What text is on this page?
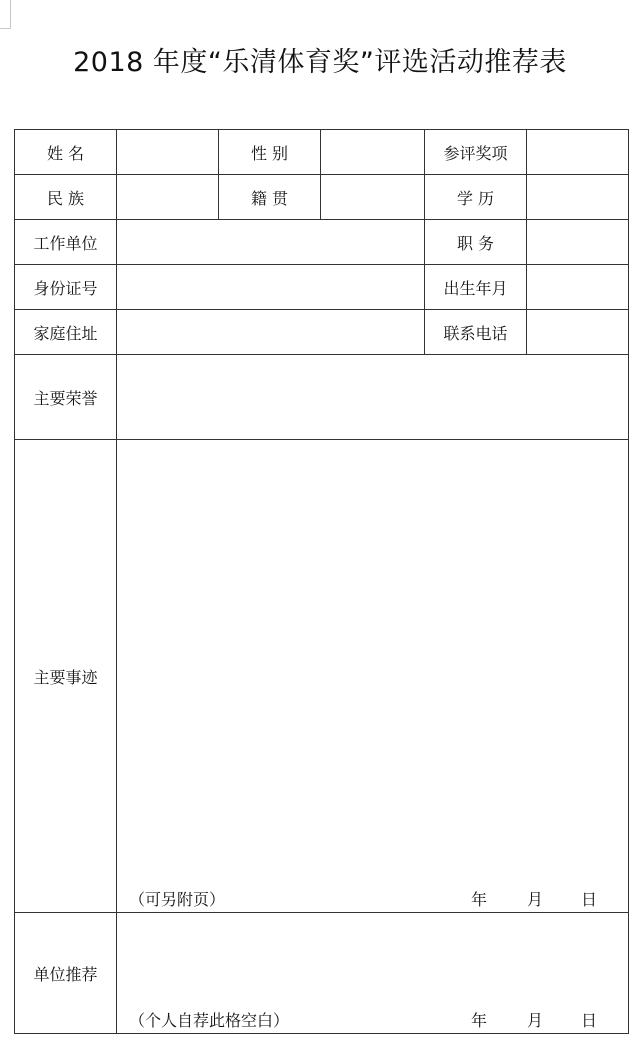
2018 年度“乐清体育奖”评选活动推荐表
姓 名		性 别		参评奖项	
民 族		籍 贯		学 历	
工作单位				职 务	
身份证号				出生年月	
家庭住址				联系电话	
主要荣誉					
主要事迹	（可另附页） 年 月 日				

单位推荐	（个人自荐此格空白） 年 月 日				
